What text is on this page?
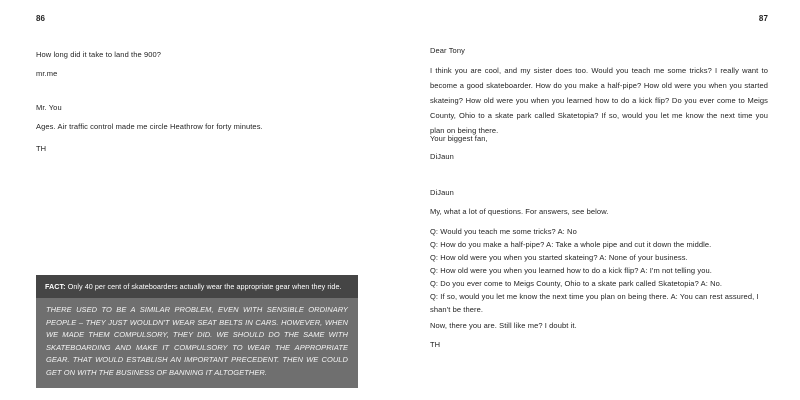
86
How long did it take to land the 900?
mr.me
Mr. You
Ages. Air traffic control made me circle Heathrow for forty minutes.
TH
FACT: Only 40 per cent of skateboarders actually wear the appropriate gear when they ride.
THERE USED TO BE A SIMILAR PROBLEM, EVEN WITH SENSIBLE ORDINARY PEOPLE – THEY JUST WOULDN'T WEAR SEAT BELTS IN CARS. HOWEVER, WHEN WE MADE THEM COMPULSORY, THEY DID. WE SHOULD DO THE SAME WITH SKATEBOARDING AND MAKE IT COMPULSORY TO WEAR THE APPROPRIATE GEAR. THAT WOULD ESTABLISH AN IMPORTANT PRECEDENT. THEN WE COULD GET ON WITH THE BUSINESS OF BANNING IT ALTOGETHER.
87
Dear Tony
I think you are cool, and my sister does too. Would you teach me some tricks? I really want to become a good skateboarder. How do you make a half-pipe? How old were you when you started skateing? How old were you when you learned how to do a kick flip? Do you ever come to Meigs County, Ohio to a skate park called Skatetopia? If so, would you let me know the next time you plan on being there.
Your biggest fan,
DiJaun
DiJaun
My, what a lot of questions. For answers, see below.

Q: Would you teach me some tricks? A: No

Q: How do you make a half-pipe? A: Take a whole pipe and cut it down the middle.

Q: How old were you when you started skateing? A: None of your business.

Q: How old were you when you learned how to do a kick flip? A: I'm not telling you.

Q: Do you ever come to Meigs County, Ohio to a skate park called Skatetopia? A: No.

Q: If so, would you let me know the next time you plan on being there. A: You can rest assured, I shan't be there.

Now, there you are. Still like me? I doubt it.
TH
